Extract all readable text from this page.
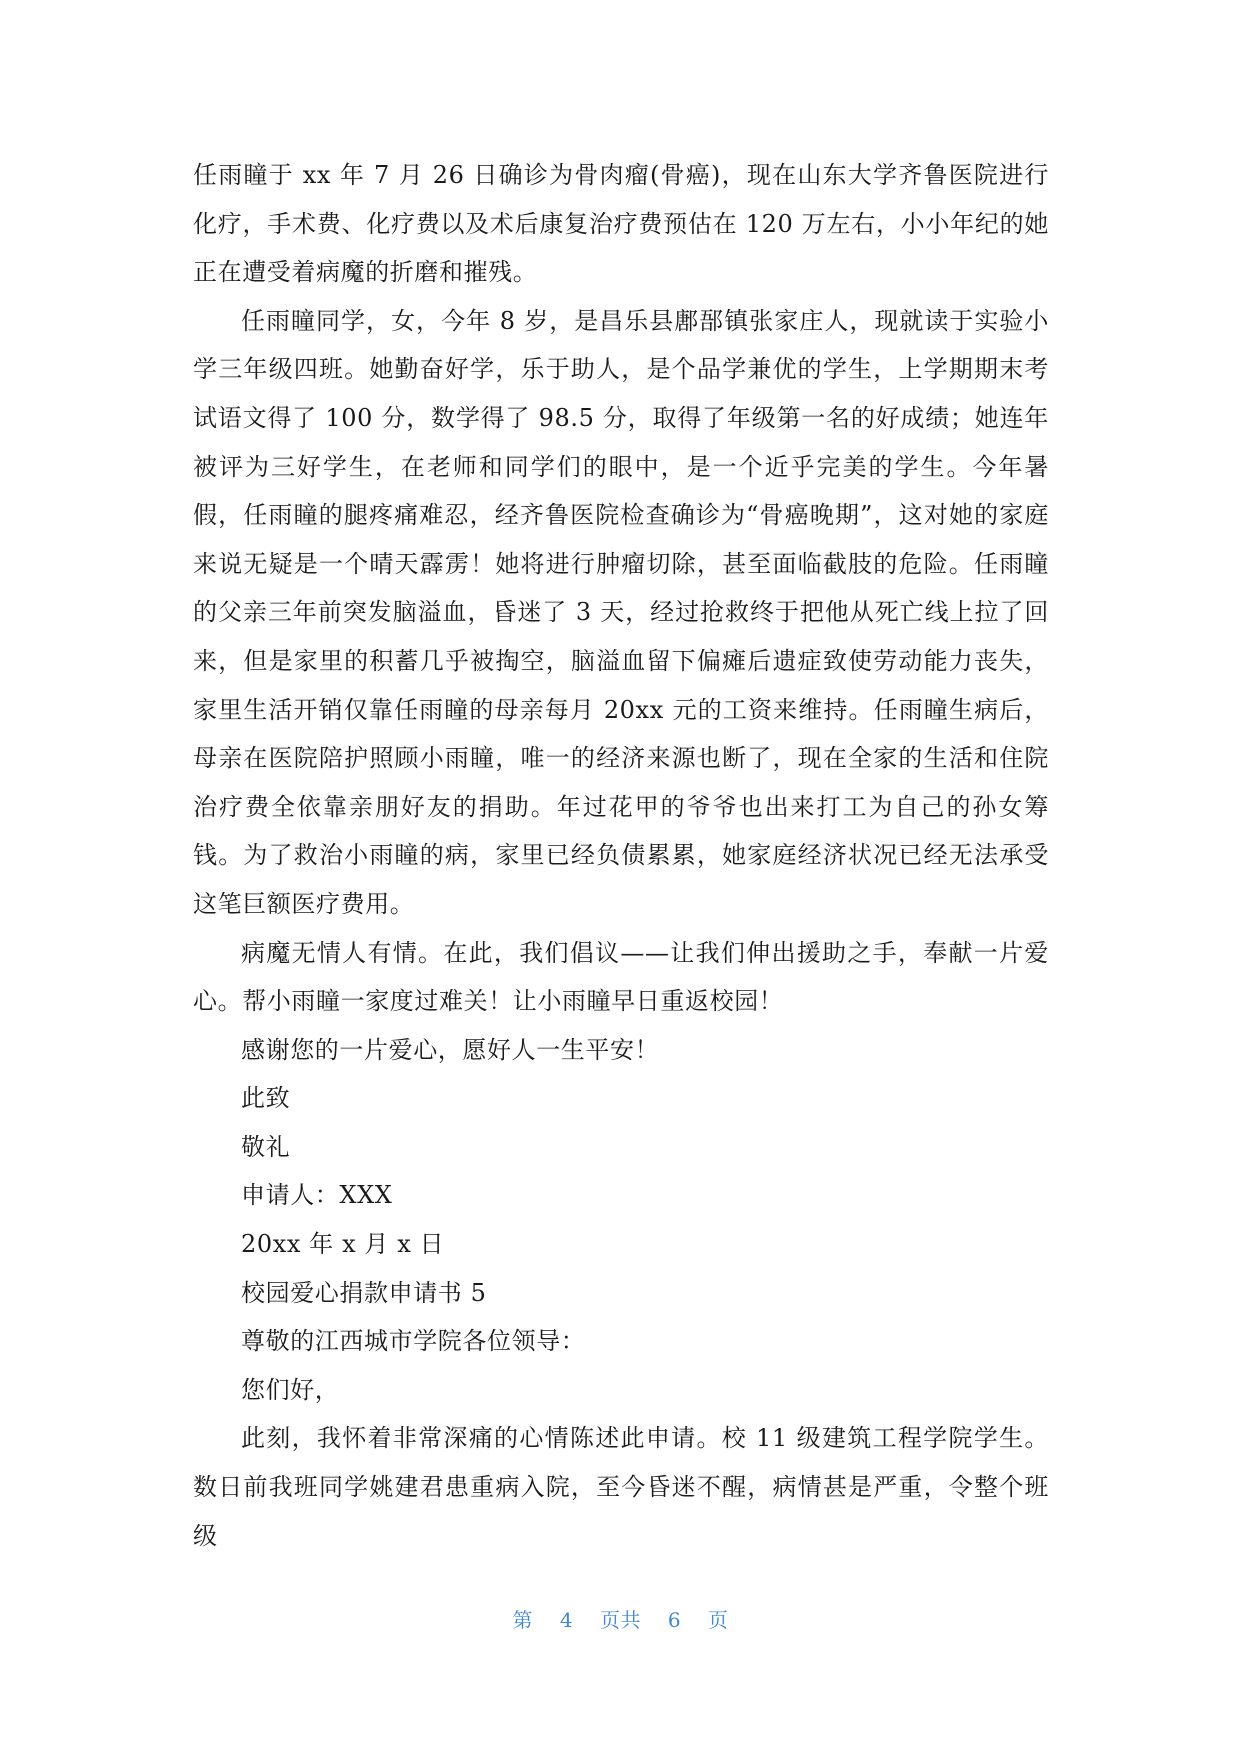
任雨瞳于 xx 年 7 月 26 日确诊为骨肉瘤(骨癌)，现在山东大学齐鲁医院进行化疗，手术费、化疗费以及术后康复治疗费预估在 120 万左右，小小年纪的她正在遭受着病魔的折磨和摧残。

任雨瞳同学，女，今年 8 岁，是昌乐县鄌郚镇张家庄人，现就读于实验小学三年级四班。她勤奋好学，乐于助人，是个品学兼优的学生，上学期期末考试语文得了 100 分，数学得了 98.5 分，取得了年级第一名的好成绩；她连年被评为三好学生，在老师和同学们的眼中，是一个近乎完美的学生。今年暑假，任雨瞳的腿疼痛难忍，经齐鲁医院检查确诊为“骨癌晚期”，这对她的家庭来说无疑是一个晴天霹雳！她将进行肿瘤切除，甚至面临截肢的危险。任雨瞳的父亲三年前突发脑溢血，昏迷了 3 天，经过抢救终于把他从死亡线上拉了回来，但是家里的积蓄几乎被掏空，脑溢血留下偏瘫后遗症致使劳动能力丧失，家里生活开销仅靠任雨瞳的母亲每月 20xx 元的工资来维持。任雨瞳生病后，母亲在医院陪护照顾小雨瞳，唯一的经济来源也断了，现在全家的生活和住院治疗费全依靠亲朋好友的捐助。年过花甲的爷爷也出来打工为自己的孙女筹钱。为了救治小雨瞳的病，家里已经负债累累，她家庭经济状况已经无法承受这笔巨额医疗费用。

病魔无情人有情。在此，我们倡议——让我们伸出援助之手，奉献一片爱心。帮小雨瞳一家度过难关！让小雨瞳早日重返校园！

感谢您的一片爱心，愿好人一生平安！

此致

敬礼

申请人：XXX

20xx 年 x 月 x 日

校园爱心捐款申请书 5

尊敬的江西城市学院各位领导：

您们好，

此刻，我怀着非常深痛的心情陈述此申请。校 11 级建筑工程学院学生。数日前我班同学姚建君患重病入院，至今昏迷不醒，病情甚是严重，令整个班级

第 4 页共 6 页
